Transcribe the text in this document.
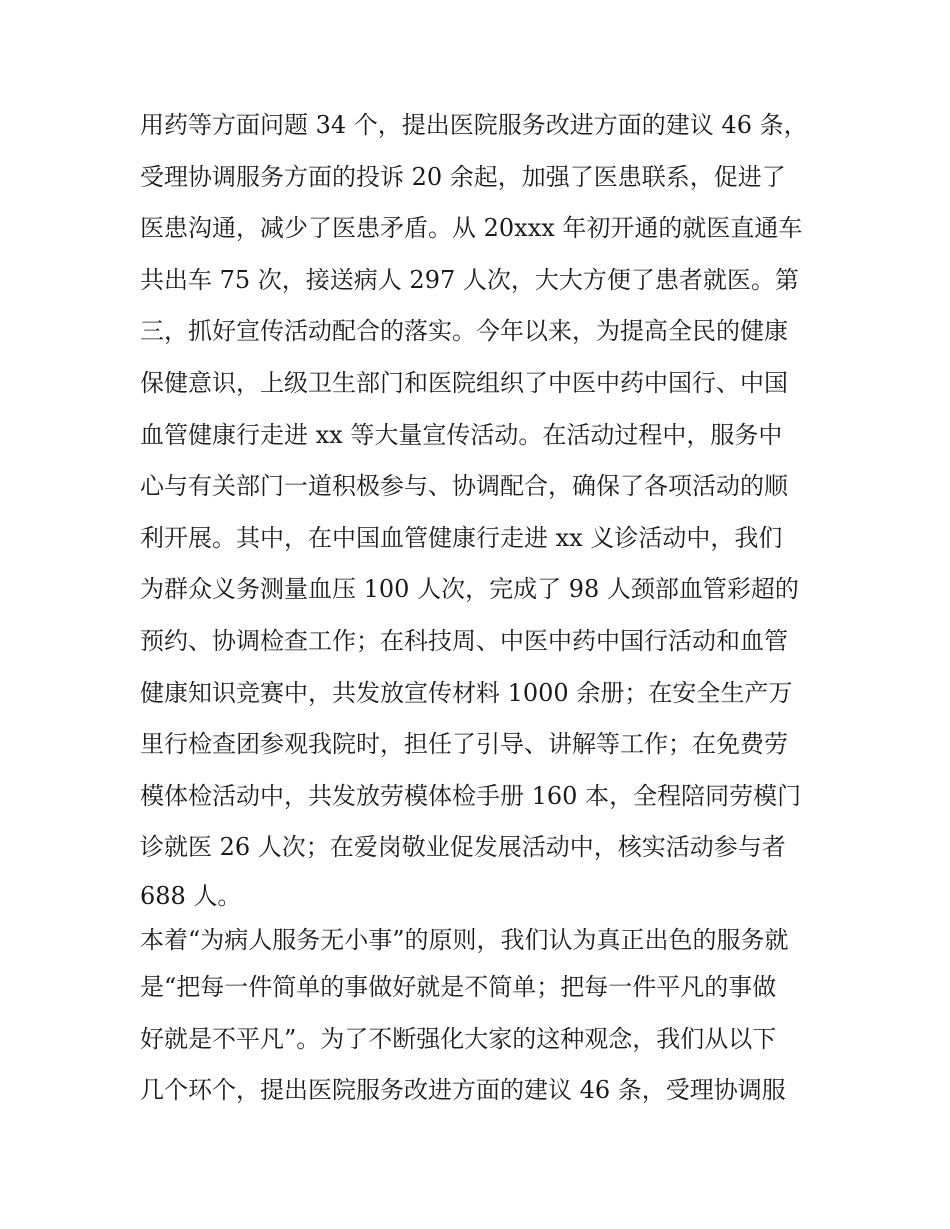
用药等方面问题 34 个，提出医院服务改进方面的建议 46 条，
受理协调服务方面的投诉 20 余起，加强了医患联系，促进了
医患沟通，减少了医患矛盾。从 20xxx 年初开通的就医直通车
共出车 75 次，接送病人 297 人次，大大方便了患者就医。第
三，抓好宣传活动配合的落实。今年以来，为提高全民的健康
保健意识，上级卫生部门和医院组织了中医中药中国行、中国
血管健康行走进 xx 等大量宣传活动。在活动过程中，服务中
心与有关部门一道积极参与、协调配合，确保了各项活动的顺
利开展。其中，在中国血管健康行走进 xx 义诊活动中，我们
为群众义务测量血压 100 人次，完成了 98 人颈部血管彩超的
预约、协调检查工作；在科技周、中医中药中国行活动和血管
健康知识竞赛中，共发放宣传材料 1000 余册；在安全生产万
里行检查团参观我院时，担任了引导、讲解等工作；在免费劳
模体检活动中，共发放劳模体检手册 160 本，全程陪同劳模门
诊就医 26 人次；在爱岗敬业促发展活动中，核实活动参与者
688 人。
本着“为病人服务无小事”的原则，我们认为真正出色的服务就
是“把每一件简单的事做好就是不简单；把每一件平凡的事做
好就是不平凡”。为了不断强化大家的这种观念，我们从以下
几个环个，提出医院服务改进方面的建议 46 条，受理协调服
